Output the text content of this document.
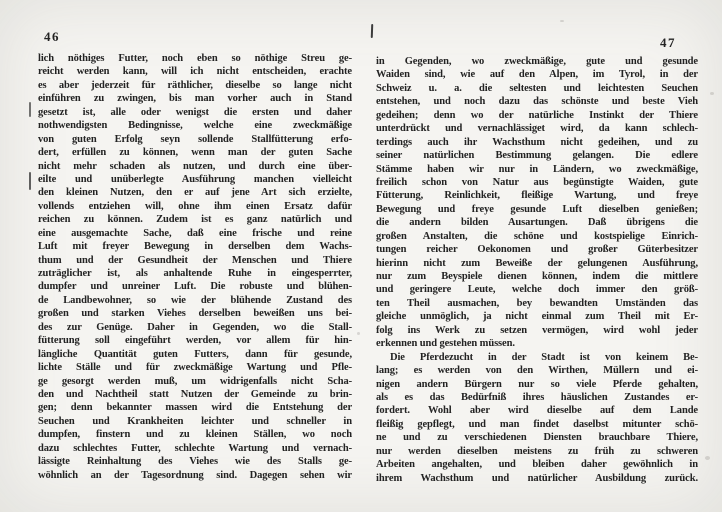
46
lich nöthiges Futter, noch eben so nöthige Streu ge-
reicht werden kann, will ich nicht entscheiden, erachte
es aber jederzeit für räthlicher, dieselbe so lange nicht
einführen zu zwingen, bis man vorher auch in Stand
gesetzt ist, alle oder wenigst die ersten und daher
nothwendigsten Bedingnisse, welche eine zweckmäßige
von guten Erfolg seyn sollende Stallfütterung erfo-
dert, erfüllen zu können, wenn man der guten Sache
nicht mehr schaden als nutzen, und durch eine über-
eilte und unüberlegte Ausführung manchen vielleicht
den kleinen Nutzen, den er auf jene Art sich erzielte,
vollends entziehen will, ohne ihm einen Ersatz dafür
reichen zu können. Zudem ist es ganz natürlich und
eine ausgemachte Sache, daß eine frische und reine
Luft mit freyer Bewegung in derselben dem Wachs-
thum und der Gesundheit der Menschen und Thiere
zuträglicher ist, als anhaltende Ruhe in eingesperrter,
dumpfer und unreiner Luft. Die robuste und blühen-
de Landbewohner, so wie der blühende Zustand des
großen und starken Viehes derselben beweißen uns bei-
des zur Genüge. Daher in Gegenden, wo die Stall-
fütterung soll eingeführt werden, vor allem für hin-
längliche Quantität guten Futters, dann für gesunde,
lichte Ställe und für zweckmäßige Wartung und Pfle-
ge gesorgt werden muß, um widrigenfalls nicht Scha-
den und Nachtheil statt Nutzen der Gemeinde zu brin-
gen; denn bekannter massen wird die Entstehung der
Seuchen und Krankheiten leichter und schneller in
dumpfen, finstern und zu kleinen Ställen, wo noch
dazu schlechtes Futter, schlechte Wartung und vernach-
lässigte Reinhaltung des Viehes wie des Stalls ge-
wöhnlich an der Tagesordnung sind. Dagegen sehen wir
47
in Gegenden, wo zweckmäßige, gute und gesunde
Waiden sind, wie auf den Alpen, im Tyrol, in der
Schweiz u. a. die seltesten und leichtesten Seuchen
entstehen, und noch dazu das schönste und beste Vieh
gedeihen; denn wo der natürliche Instinkt der Thiere
unterdrückt und vernachlässiget wird, da kann schlech-
terdings auch ihr Wachsthum nicht gedeihen, und zu
seiner natürlichen Bestimmung gelangen. Die edlere
Stämme haben wir nur in Ländern, wo zweckmäßige,
freilich schon von Natur aus begünstigte Waiden, gute
Fütterung, Reinlichkeit, fleißige Wartung, und freye
Bewegung und freye gesunde Luft dieselben genießen;
die andern bilden Ausartungen. Daß übrigens die
großen Anstalten, die schöne und kostspielige Einrich-
tungen reicher Oekonomen und großer Güterbesitzer
hierinn nicht zum Beweiße der gelungenen Ausführung,
nur zum Beyspiele dienen können, indem die mittlere
und geringere Leute, welche doch immer den größ-
ten Theil ausmachen, bey bewandten Umständen das
gleiche unmöglich, ja nicht einmal zum Theil mit Er-
folg ins Werk zu setzen vermögen, wird wohl jeder
erkennen und gestehen müssen.
Die Pferdezucht in der Stadt ist von keinem Be-
lang; es werden von den Wirthen, Müllern und ei-
nigen andern Bürgern nur so viele Pferde gehalten,
als es das Bedürfniß ihres häuslichen Zustandes er-
fordert. Wohl aber wird dieselbe auf dem Lande
fleißig gepflegt, und man findet daselbst mitunter schö-
ne und zu verschiedenen Diensten brauchbare Thiere,
nur werden dieselben meistens zu früh zu schweren
Arbeiten angehalten, und bleiben daher gewöhnlich in
ihrem Wachsthum und natürlicher Ausbildung zurück.
